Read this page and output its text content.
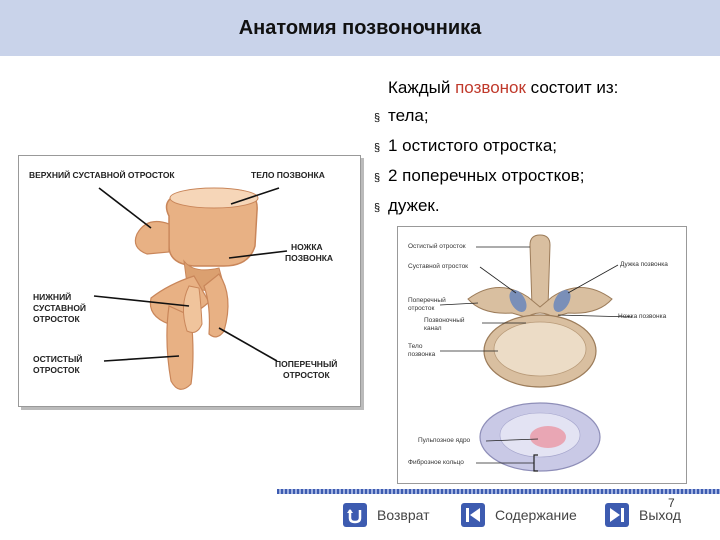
Анатомия позвоночника
Каждый позвонок состоит из:
§ тела;
§ 1 остистого отростка;
§ 2 поперечных отростков;
§ дужек.
ВЕРХНИЙ СУСТАВНОЙ ОТРОСТОК	ТЕЛО ПОЗВОНКА
НОЖКА
ПОЗВОНКА
НИЖНИЙ
СУСТАВНОЙ
ОТРОСТОК
ОСТИСТЫЙ
ОТРОСТОК
ПОПЕРЕЧНЫЙ
ОТРОСТОК
Остистый отросток
Суставной отросток	Дужка позвонка
Поперечный
отросток
Ножка позвонка
Позвоночный
канал
Тело
позвонка
Пульпозное ядро
Фиброзное кольцо
7
Возврат	Содержание	Выход
